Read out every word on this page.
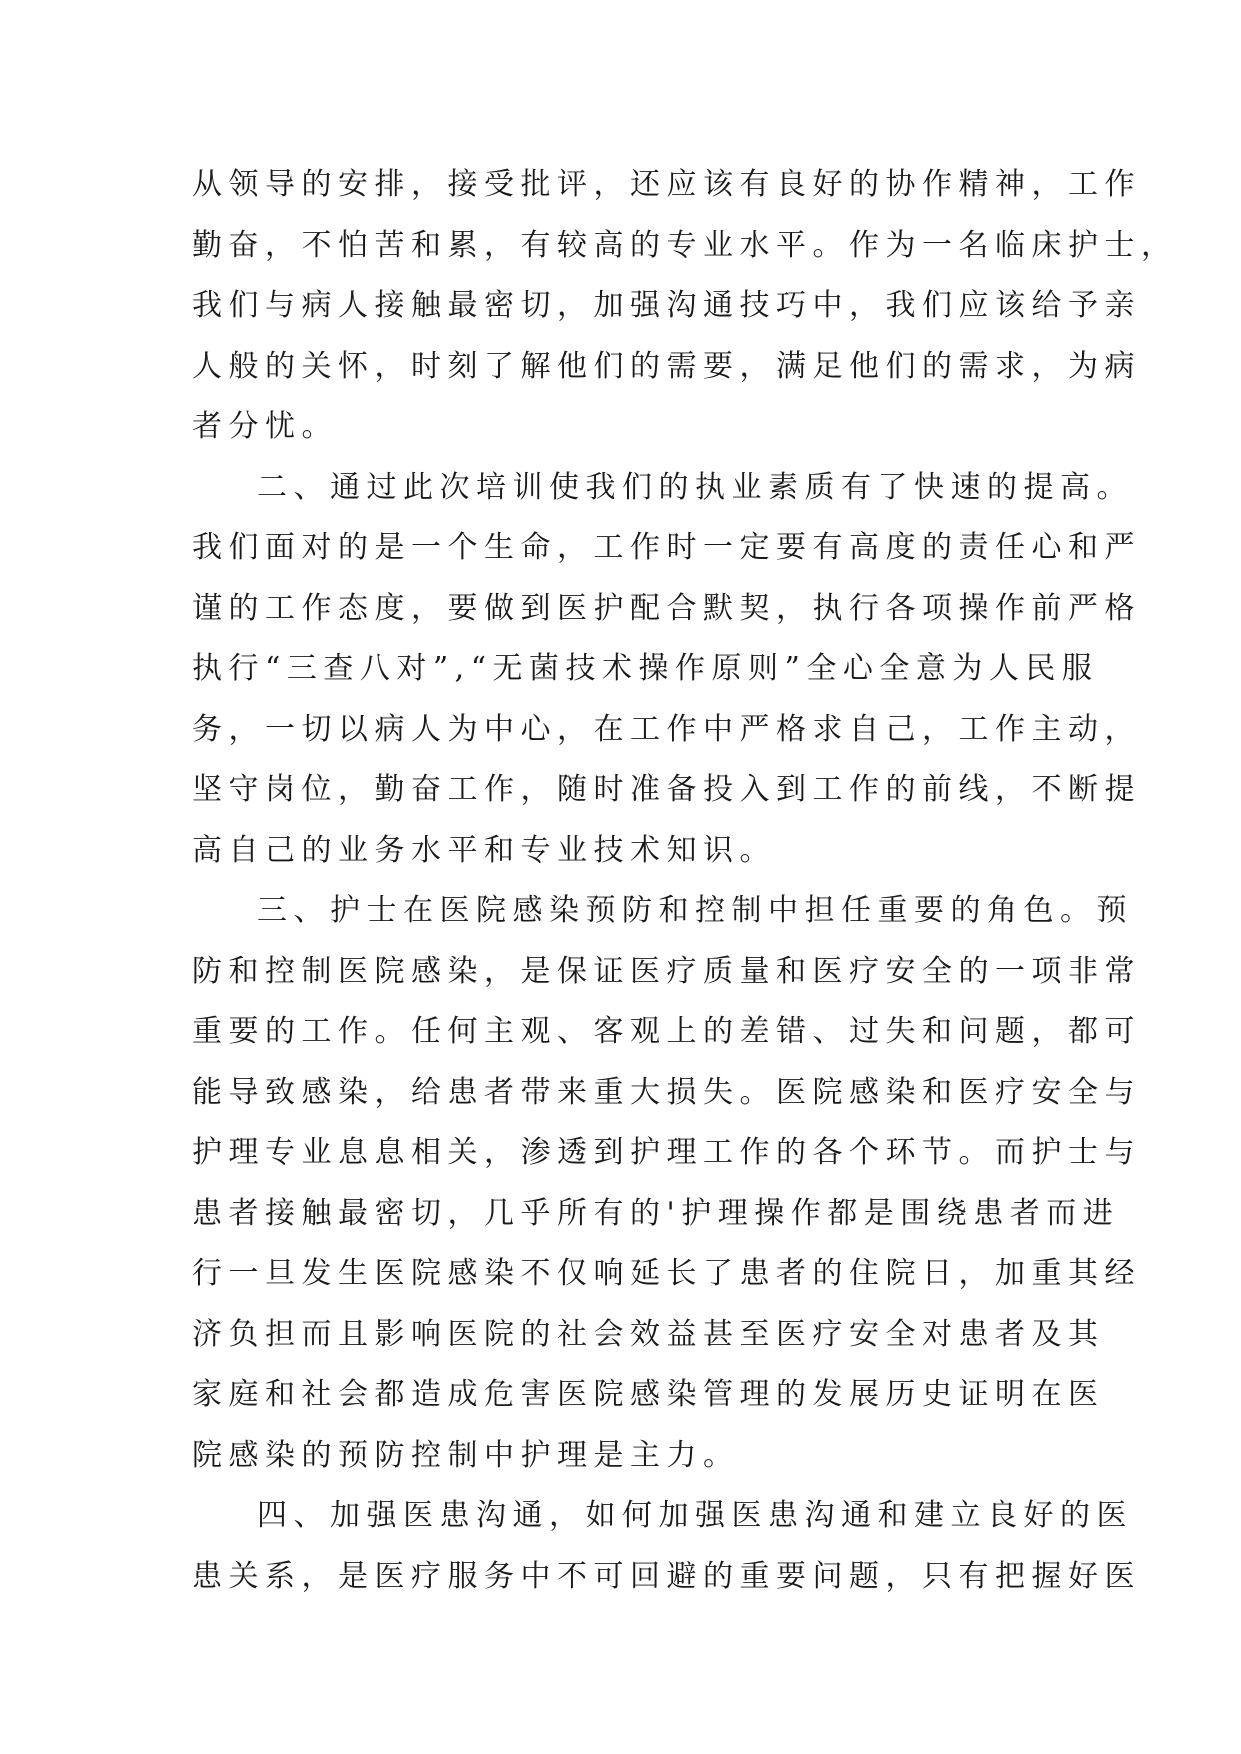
从领导的安排，接受批评，还应该有良好的协作精神，工作
勤奋，不怕苦和累，有较高的专业水平。作为一名临床护士，
我们与病人接触最密切，加强沟通技巧中，我们应该给予亲
人般的关怀，时刻了解他们的需要，满足他们的需求，为病
者分忧。
二、通过此次培训使我们的执业素质有了快速的提高。
我们面对的是一个生命，工作时一定要有高度的责任心和严
谨的工作态度，要做到医护配合默契，执行各项操作前严格
执行“三查八对”,“无菌技术操作原则”全心全意为人民服
务，一切以病人为中心，在工作中严格求自己，工作主动，
坚守岗位，勤奋工作，随时准备投入到工作的前线，不断提
高自己的业务水平和专业技术知识。
三、护士在医院感染预防和控制中担任重要的角色。预
防和控制医院感染，是保证医疗质量和医疗安全的一项非常
重要的工作。任何主观、客观上的差错、过失和问题，都可
能导致感染，给患者带来重大损失。医院感染和医疗安全与
护理专业息息相关，渗透到护理工作的各个环节。而护士与
患者接触最密切，几乎所有的'护理操作都是围绕患者而进
行一旦发生医院感染不仅响延长了患者的住院日，加重其经
济负担而且影响医院的社会效益甚至医疗安全对患者及其
家庭和社会都造成危害医院感染管理的发展历史证明在医
院感染的预防控制中护理是主力。
四、加强医患沟通，如何加强医患沟通和建立良好的医
患关系，是医疗服务中不可回避的重要问题，只有把握好医
